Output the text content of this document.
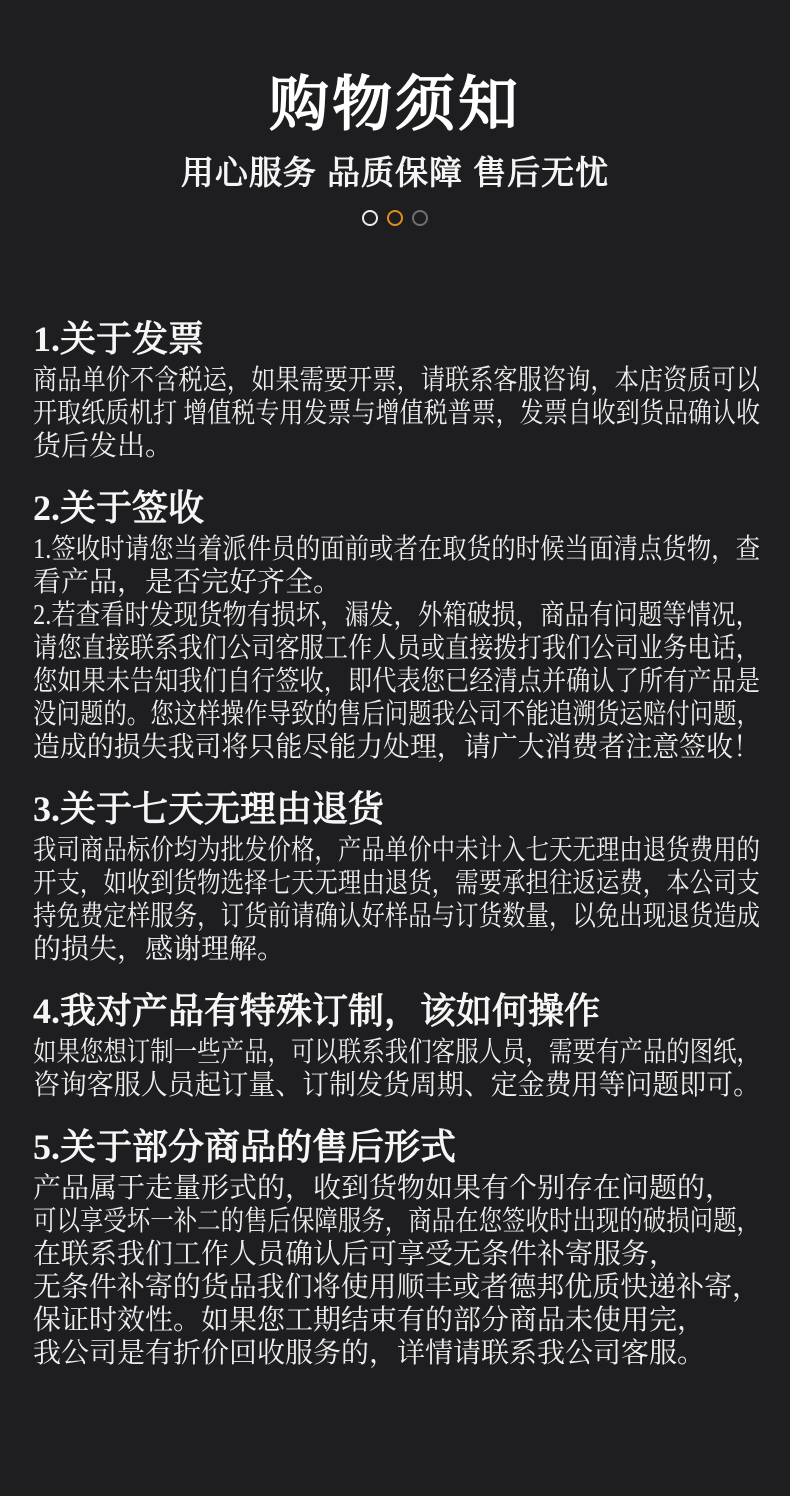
购物须知
用心服务 品质保障 售后无忧
1.关于发票
商品单价不含税运，如果需要开票，请联系客服咨询，本店资质可以
开取纸质机打 增值税专用发票与增值税普票，发票自收到货品确认收
货后发出。
2.关于签收
1.签收时请您当着派件员的面前或者在取货的时候当面清点货物，查
看产品，是否完好齐全。
2.若查看时发现货物有损坏，漏发，外箱破损，商品有问题等情况，
请您直接联系我们公司客服工作人员或直接拨打我们公司业务电话，
您如果未告知我们自行签收，即代表您已经清点并确认了所有产品是
没问题的。您这样操作导致的售后问题我公司不能追溯货运赔付问题，
造成的损失我司将只能尽能力处理，请广大消费者注意签收！
3.关于七天无理由退货
我司商品标价均为批发价格，产品单价中未计入七天无理由退货费用的
开支，如收到货物选择七天无理由退货，需要承担往返运费，本公司支
持免费定样服务，订货前请确认好样品与订货数量，以免出现退货造成
的损失，感谢理解。
4.我对产品有特殊订制，该如何操作
如果您想订制一些产品，可以联系我们客服人员，需要有产品的图纸，
咨询客服人员起订量、订制发货周期、定金费用等问题即可。
5.关于部分商品的售后形式
产品属于走量形式的，收到货物如果有个别存在问题的，
可以享受坏一补二的售后保障服务，商品在您签收时出现的破损问题，
在联系我们工作人员确认后可享受无条件补寄服务，
无条件补寄的货品我们将使用顺丰或者德邦优质快递补寄，
保证时效性。如果您工期结束有的部分商品未使用完，
我公司是有折价回收服务的，详情请联系我公司客服。
